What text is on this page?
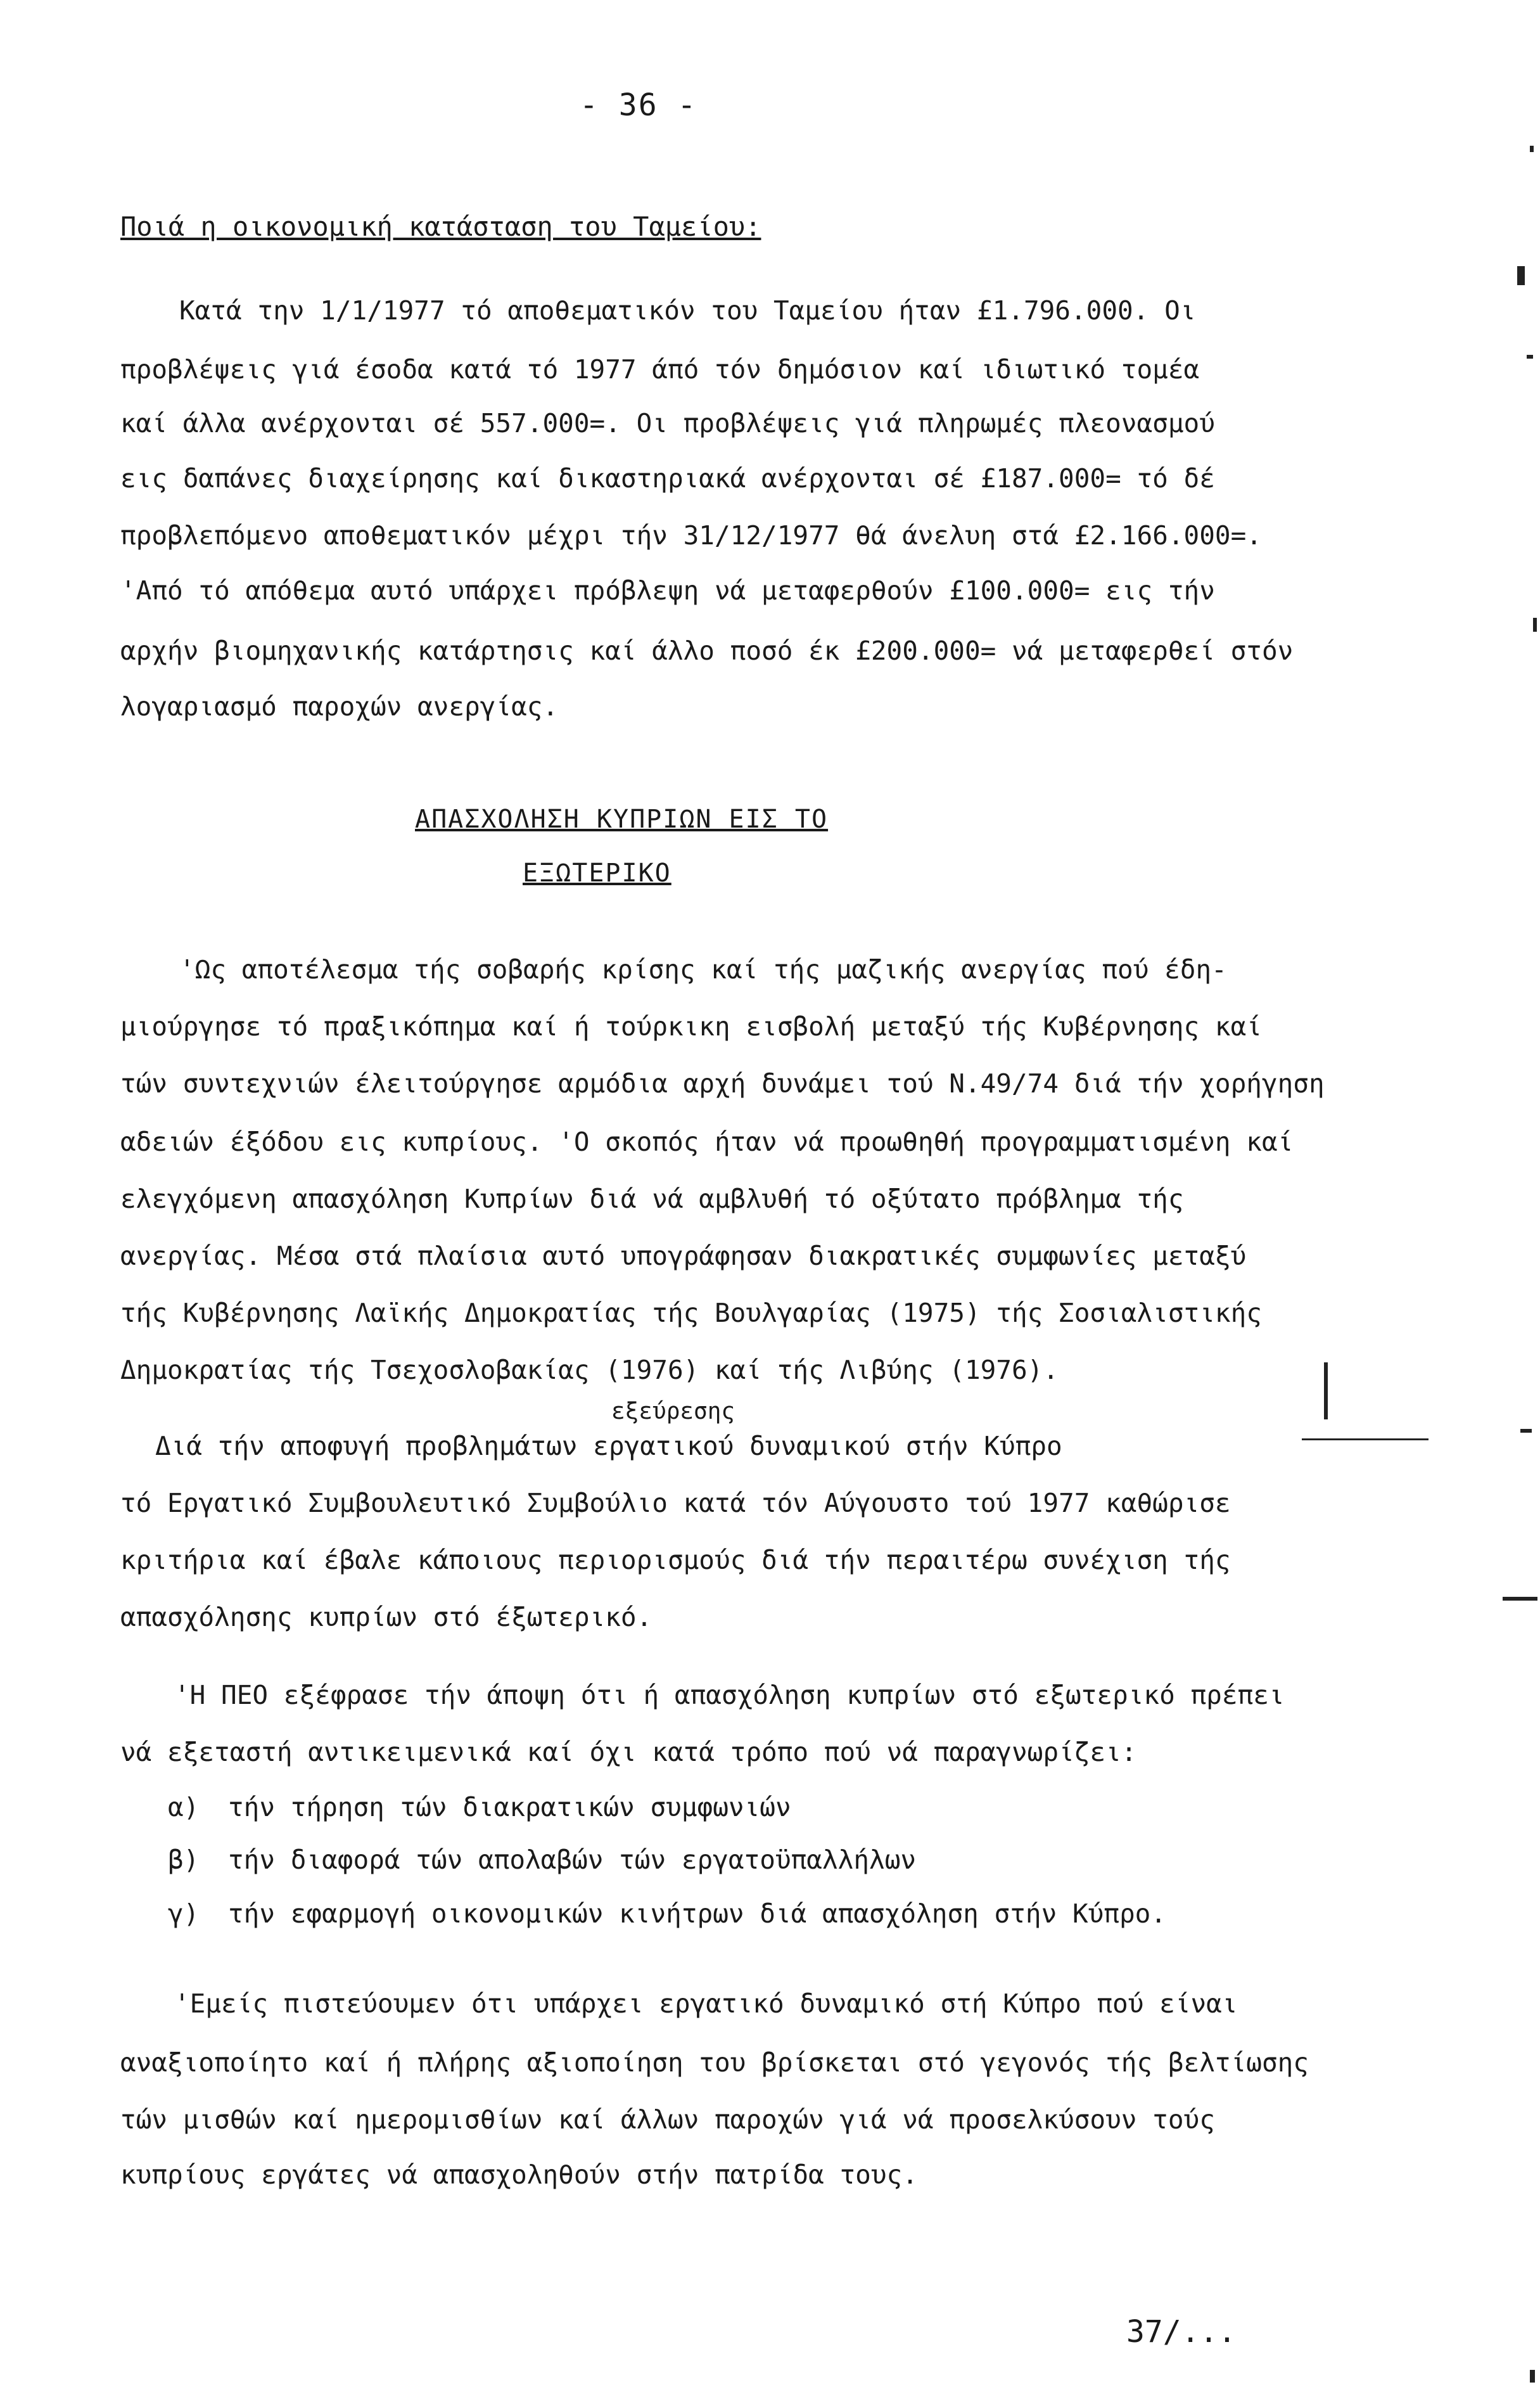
- 36 -
Ποιά η οικονομική κατάσταση του Ταμείου:
Κατά την 1/1/1977 τό αποθεματικόν του Ταμείου ήταν £1.796.000. Οι
προβλέψεις γιά έσοδα κατά τό 1977 άπό τόν δημόσιον καί ιδιωτικό τομέα
καί άλλα ανέρχονται σέ 557.000=. Οι προβλέψεις γιά πληρωμές πλεονασμού
εις δαπάνες διαχείρησης καί δικαστηριακά ανέρχονται σέ £187.000= τό δέ
προβλεπόμενο αποθεματικόν μέχρι τήν 31/12/1977 θά άνελυη στά £2.166.000=.
'Από τό απόθεμα αυτό υπάρχει πρόβλεψη νά μεταφερθούν £100.000= εις τήν
αρχήν βιομηχανικής κατάρτησις καί άλλο ποσό έκ £200.000= νά μεταφερθεί στόν
λογαριασμό παροχών ανεργίας.
ΑΠΑΣΧΟΛΗΣΗ ΚΥΠΡΙΩΝ ΕΙΣ ΤΟ
ΕΞΩΤΕΡΙΚΟ
'Ως αποτέλεσμα τής σοβαρής κρίσης καί τής μαζικής ανεργίας πού έδη-
μιούργησε τό πραξικόπημα καί ή τούρκικη εισβολή μεταξύ τής Κυβέρνησης καί
τών συντεχνιών έλειτούργησε αρμόδια αρχή δυνάμει τού Ν.49/74 διά τήν χορήγηση
αδειών έξόδου εις κυπρίους. 'Ο σκοπός ήταν νά προωθηθή προγραμματισμένη καί
ελεγχόμενη απασχόληση Κυπρίων διά νά αμβλυθή τό οξύτατο πρόβλημα τής
ανεργίας. Μέσα στά πλαίσια αυτό υπογράφησαν διακρατικές συμφωνίες μεταξύ
τής Κυβέρνησης Λαϊκής Δημοκρατίας τής Βουλγαρίας (1975) τής Σοσιαλιστικής
Δημοκρατίας τής Τσεχοσλοβακίας (1976) καί τής Λιβύης (1976).
εξεύρεσης
Διά τήν αποφυγή προβλημάτων εργατικού δυναμικού στήν Κύπρο
τό Εργατικό Συμβουλευτικό Συμβούλιο κατά τόν Αύγουστο τού 1977 καθώρισε
κριτήρια καί έβαλε κάποιους περιορισμούς διά τήν περαιτέρω συνέχιση τής
απασχόλησης κυπρίων στό έξωτερικό.
'Η ΠΕΟ εξέφρασε τήν άποψη ότι ή απασχόληση κυπρίων στό εξωτερικό πρέπει
νά εξεταστή αντικειμενικά καί όχι κατά τρόπο πού νά παραγνωρίζει:
α) τήν τήρηση τών διακρατικών συμφωνιών
β) τήν διαφορά τών απολαβών τών εργατοϋπαλλήλων
γ) τήν εφαρμογή οικονομικών κινήτρων διά απασχόληση στήν Κύπρο.
'Εμείς πιστεύουμεν ότι υπάρχει εργατικό δυναμικό στή Κύπρο πού είναι
αναξιοποίητο καί ή πλήρης αξιοποίηση του βρίσκεται στό γεγονός τής βελτίωσης
τών μισθών καί ημερομισθίων καί άλλων παροχών γιά νά προσελκύσουν τούς
κυπρίους εργάτες νά απασχοληθούν στήν πατρίδα τους.
37/...
